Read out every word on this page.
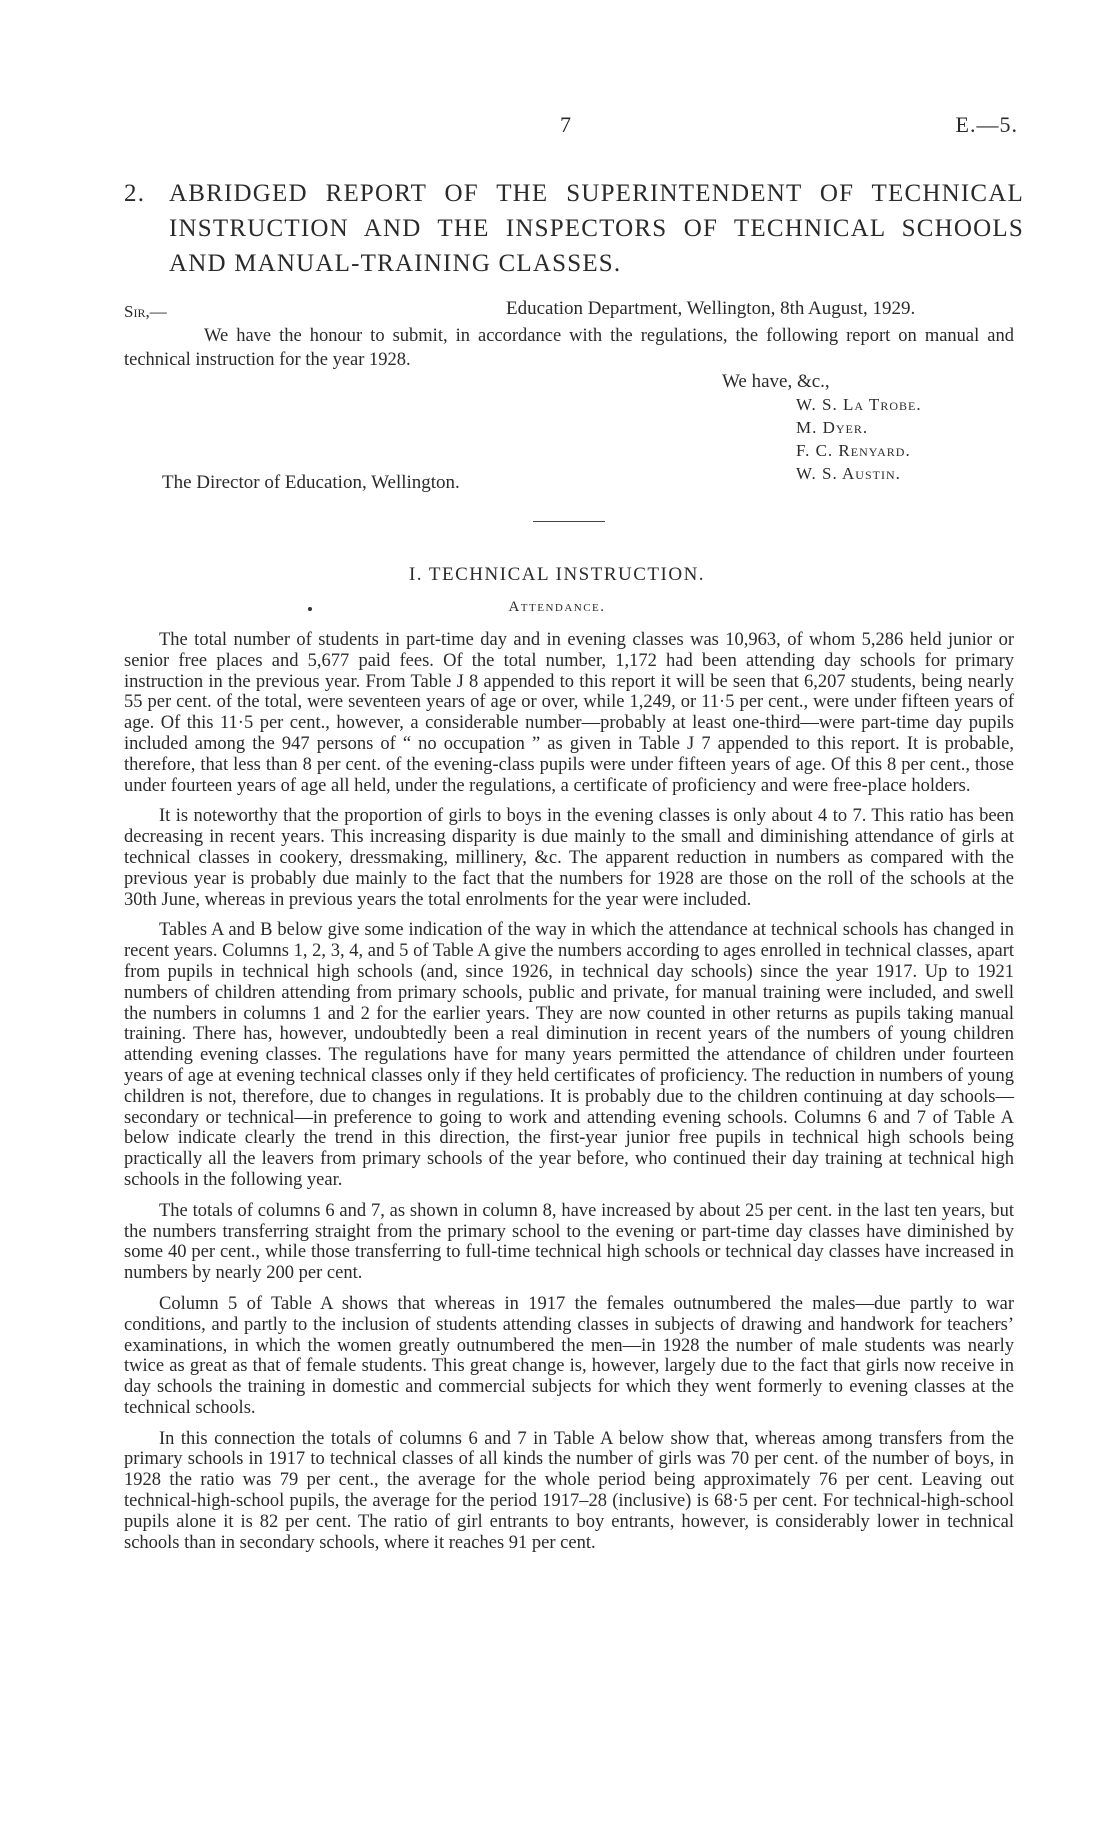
7	E.—5.
2. ABRIDGED REPORT OF THE SUPERINTENDENT OF TECHNICAL
INSTRUCTION AND THE INSPECTORS OF TECHNICAL SCHOOLS
AND MANUAL-TRAINING CLASSES.
Sir,—	Education Department, Wellington, 8th August, 1929.
We have the honour to submit, in accordance with the regulations, the following report on manual and technical instruction for the year 1928.
We have, &c.,
W. S. La Trobe.
M. Dyer.
F. C. Renyard.
W. S. Austin.
The Director of Education, Wellington.
I. TECHNICAL INSTRUCTION.
Attendance.

The total number of students in part-time day and in evening classes was 10,963, of whom 5,286 held junior or senior free places and 5,677 paid fees. Of the total number, 1,172 had been attending day schools for primary instruction in the previous year. From Table J 8 appended to this report it will be seen that 6,207 students, being nearly 55 per cent. of the total, were seventeen years of age or over, while 1,249, or 11·5 per cent., were under fifteen years of age. Of this 11·5 per cent., however, a considerable number—probably at least one-third—were part-time day pupils included among the 947 persons of “ no occupation ” as given in Table J 7 appended to this report. It is probable, therefore, that less than 8 per cent. of the evening-class pupils were under fifteen years of age. Of this 8 per cent., those under fourteen years of age all held, under the regulations, a certificate of proficiency and were free-place holders.

It is noteworthy that the proportion of girls to boys in the evening classes is only about 4 to 7. This ratio has been decreasing in recent years. This increasing disparity is due mainly to the small and diminishing attendance of girls at technical classes in cookery, dressmaking, millinery, &c. The apparent reduction in numbers as compared with the previous year is probably due mainly to the fact that the numbers for 1928 are those on the roll of the schools at the 30th June, whereas in previous years the total enrolments for the year were included.

Tables A and B below give some indication of the way in which the attendance at technical schools has changed in recent years. Columns 1, 2, 3, 4, and 5 of Table A give the numbers according to ages enrolled in technical classes, apart from pupils in technical high schools (and, since 1926, in technical day schools) since the year 1917. Up to 1921 numbers of children attending from primary schools, public and private, for manual training were included, and swell the numbers in columns 1 and 2 for the earlier years. They are now counted in other returns as pupils taking manual training. There has, however, undoubtedly been a real diminution in recent years of the numbers of young children attending evening classes. The regulations have for many years permitted the attendance of children under fourteen years of age at evening technical classes only if they held certificates of proficiency. The reduction in numbers of young children is not, therefore, due to changes in regulations. It is probably due to the children continuing at day schools—secondary or technical—in preference to going to work and attending evening schools. Columns 6 and 7 of Table A below indicate clearly the trend in this direction, the first-year junior free pupils in technical high schools being practically all the leavers from primary schools of the year before, who continued their day training at technical high schools in the following year.

The totals of columns 6 and 7, as shown in column 8, have increased by about 25 per cent. in the last ten years, but the numbers transferring straight from the primary school to the evening or part-time day classes have diminished by some 40 per cent., while those transferring to full-time technical high schools or technical day classes have increased in numbers by nearly 200 per cent.

Column 5 of Table A shows that whereas in 1917 the females outnumbered the males—due partly to war conditions, and partly to the inclusion of students attending classes in subjects of drawing and handwork for teachers’ examinations, in which the women greatly outnumbered the men—in 1928 the number of male students was nearly twice as great as that of female students. This great change is, however, largely due to the fact that girls now receive in day schools the training in domestic and commercial subjects for which they went formerly to evening classes at the technical schools.

In this connection the totals of columns 6 and 7 in Table A below show that, whereas among transfers from the primary schools in 1917 to technical classes of all kinds the number of girls was 70 per cent. of the number of boys, in 1928 the ratio was 79 per cent., the average for the whole period being approximately 76 per cent. Leaving out technical-high-school pupils, the average for the period 1917–28 (inclusive) is 68·5 per cent. For technical-high-school pupils alone it is 82 per cent. The ratio of girl entrants to boy entrants, however, is considerably lower in technical schools than in secondary schools, where it reaches 91 per cent.
